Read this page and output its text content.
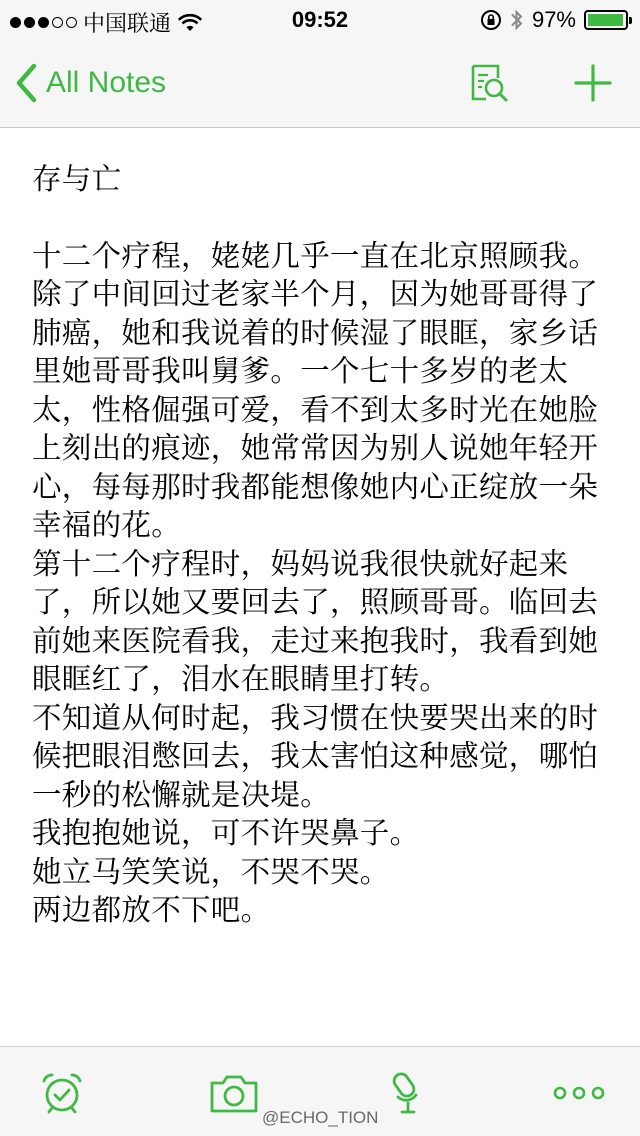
中国联通	09:52	97%
All Notes
存与亡

十二个疗程，姥姥几乎一直在北京照顾我。除了中间回过老家半个月，因为她哥哥得了肺癌，她和我说着的时候湿了眼眶，家乡话里她哥哥我叫舅爹。一个七十多岁的老太太，性格倔强可爱，看不到太多时光在她脸上刻出的痕迹，她常常因为别人说她年轻开心，每每那时我都能想像她内心正绽放一朵幸福的花。

第十二个疗程时，妈妈说我很快就好起来了，所以她又要回去了，照顾哥哥。临回去前她来医院看我，走过来抱我时，我看到她眼眶红了，泪水在眼睛里打转。

不知道从何时起，我习惯在快要哭出来的时候把眼泪憋回去，我太害怕这种感觉，哪怕一秒的松懈就是决堤。

我抱抱她说，可不许哭鼻子。

她立马笑笑说，不哭不哭。

两边都放不下吧。

@ECHO_TION
